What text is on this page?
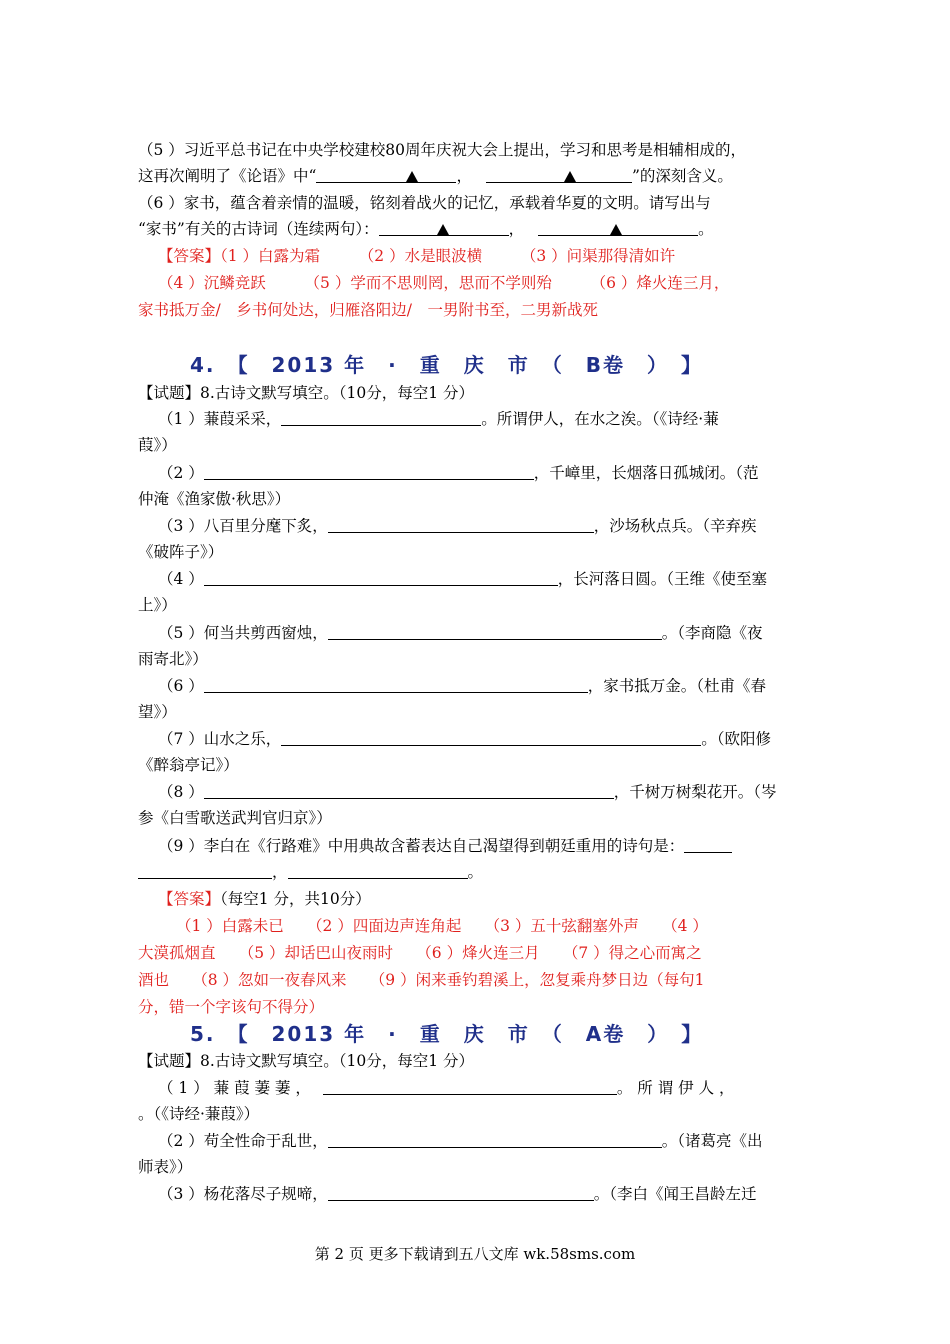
（5 ）习近平总书记在中央学校建校80周年庆祝大会上提出，学习和思考是相辅相成的，
这再次阐明了《论语》中“	，	”的深刻含义。
（6 ）家书，蕴含着亲情的温暖，铭刻着战火的记忆，承载着华夏的文明。请写出与
“家书”有关的古诗词（连续两句）：	，	。
【答案】（1 ）白露为霜　　　（2 ）水是眼波横　　　（3 ）问渠那得清如许
（4 ）沉鳞竞跃　　　（5 ）学而不思则罔，思而不学则殆　　　（6 ）烽火连三月，
家书抵万金/　乡书何处达，归雁洛阳边/　一男附书至，二男新战死
4.　【　2013 年　·　重　庆　市　（　B卷　）　】
【试题】8.古诗文默写填空。（10分，每空1 分）
（1 ）蒹葭采采，	。所谓伊人，在水之涘。（《诗经·蒹
葭》）
（2 ）	，千嶂里，长烟落日孤城闭。（范
仲淹《渔家傲·秋思》）
（3 ）八百里分麾下炙，	，沙场秋点兵。（辛弃疾
《破阵子》）
（4 ）	，长河落日圆。（王维《使至塞
上》）
（5 ）何当共剪西窗烛，	。（李商隐《夜
雨寄北》）
（6 ）	，家书抵万金。（杜甫《春
望》）
（7 ）山水之乐，	。（欧阳修
《醉翁亭记》）
（8 ）	，千树万树梨花开。（岑
参《白雪歌送武判官归京》）
（9 ）李白在《行路难》中用典故含蓄表达自己渴望得到朝廷重用的诗句是：
，	。
【答案】（每空1 分，共10分）
（1 ）白露未已　　（2 ）四面边声连角起　　（3 ）五十弦翻塞外声　　（4 ）
大漠孤烟直　　（5 ）却话巴山夜雨时　　（6 ）烽火连三月　　（7 ）得之心而寓之
酒也　　（8 ）忽如一夜春风来　　（9 ）闲来垂钓碧溪上，忽复乘舟梦日边（每句1
分，错一个字该句不得分）
5.　【　2013 年　·　重　庆　市　（　A卷　）　】
【试题】8.古诗文默写填空。（10分，每空1 分）
（ 1 ） 蒹 葭 萋 萋 ，	。 所 谓 伊 人 ，
。（《诗经·蒹葭》）
（2 ）苟全性命于乱世，	。（诸葛亮《出
师表》）
（3 ）杨花落尽子规啼，	。（李白《闻王昌龄左迁
第 2 页 更多下载请到五八文库 wk.58sms.com
